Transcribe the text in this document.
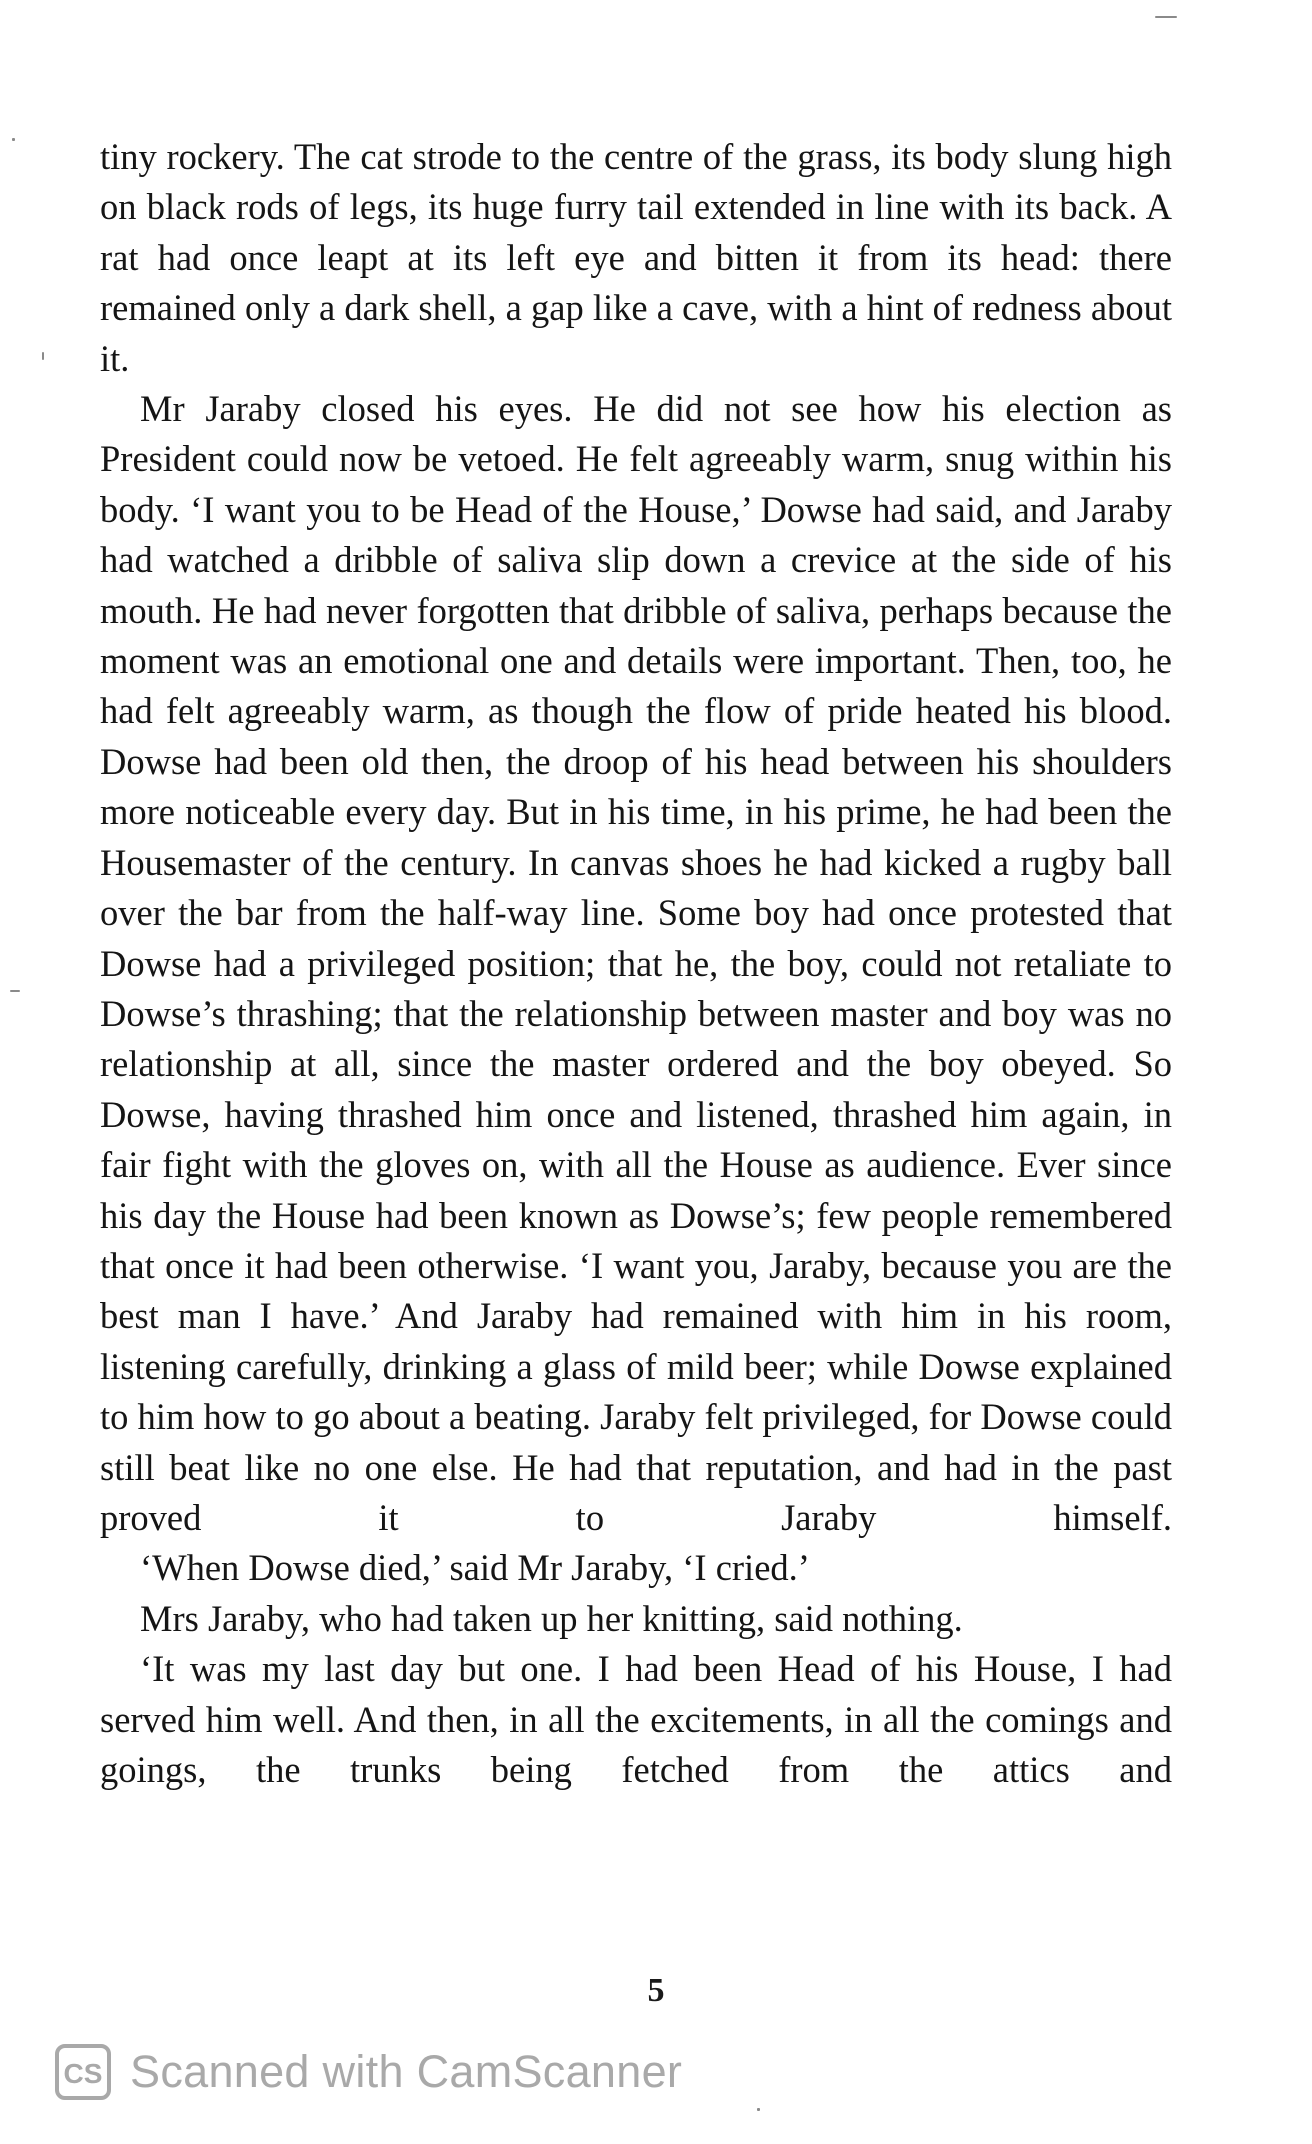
tiny rockery. The cat strode to the centre of the grass, its body slung high on black rods of legs, its huge furry tail extended in line with its back. A rat had once leapt at its left eye and bitten it from its head: there remained only a dark shell, a gap like a cave, with a hint of redness about it.

Mr Jaraby closed his eyes. He did not see how his election as President could now be vetoed. He felt agreeably warm, snug within his body. ‘I want you to be Head of the House,’ Dowse had said, and Jaraby had watched a dribble of saliva slip down a crevice at the side of his mouth. He had never forgotten that dribble of saliva, perhaps because the moment was an emotional one and details were important. Then, too, he had felt agreeably warm, as though the flow of pride heated his blood. Dowse had been old then, the droop of his head between his shoulders more noticeable every day. But in his time, in his prime, he had been the Housemaster of the century. In canvas shoes he had kicked a rugby ball over the bar from the half-way line. Some boy had once protested that Dowse had a privileged position; that he, the boy, could not retaliate to Dowse’s thrashing; that the relationship between master and boy was no relationship at all, since the master ordered and the boy obeyed. So Dowse, having thrashed him once and listened, thrashed him again, in fair fight with the gloves on, with all the House as audience. Ever since his day the House had been known as Dowse’s; few people remembered that once it had been otherwise. ‘I want you, Jaraby, because you are the best man I have.’ And Jaraby had remained with him in his room, listening carefully, drinking a glass of mild beer; while Dowse explained to him how to go about a beating. Jaraby felt privileged, for Dowse could still beat like no one else. He had that reputation, and had in the past proved it to Jaraby himself.

‘When Dowse died,’ said Mr Jaraby, ‘I cried.’

Mrs Jaraby, who had taken up her knitting, said nothing.

‘It was my last day but one. I had been Head of his House, I had served him well. And then, in all the excitements, in all the comings and goings, the trunks being fetched from the attics and

5
CS Scanned with CamScanner
